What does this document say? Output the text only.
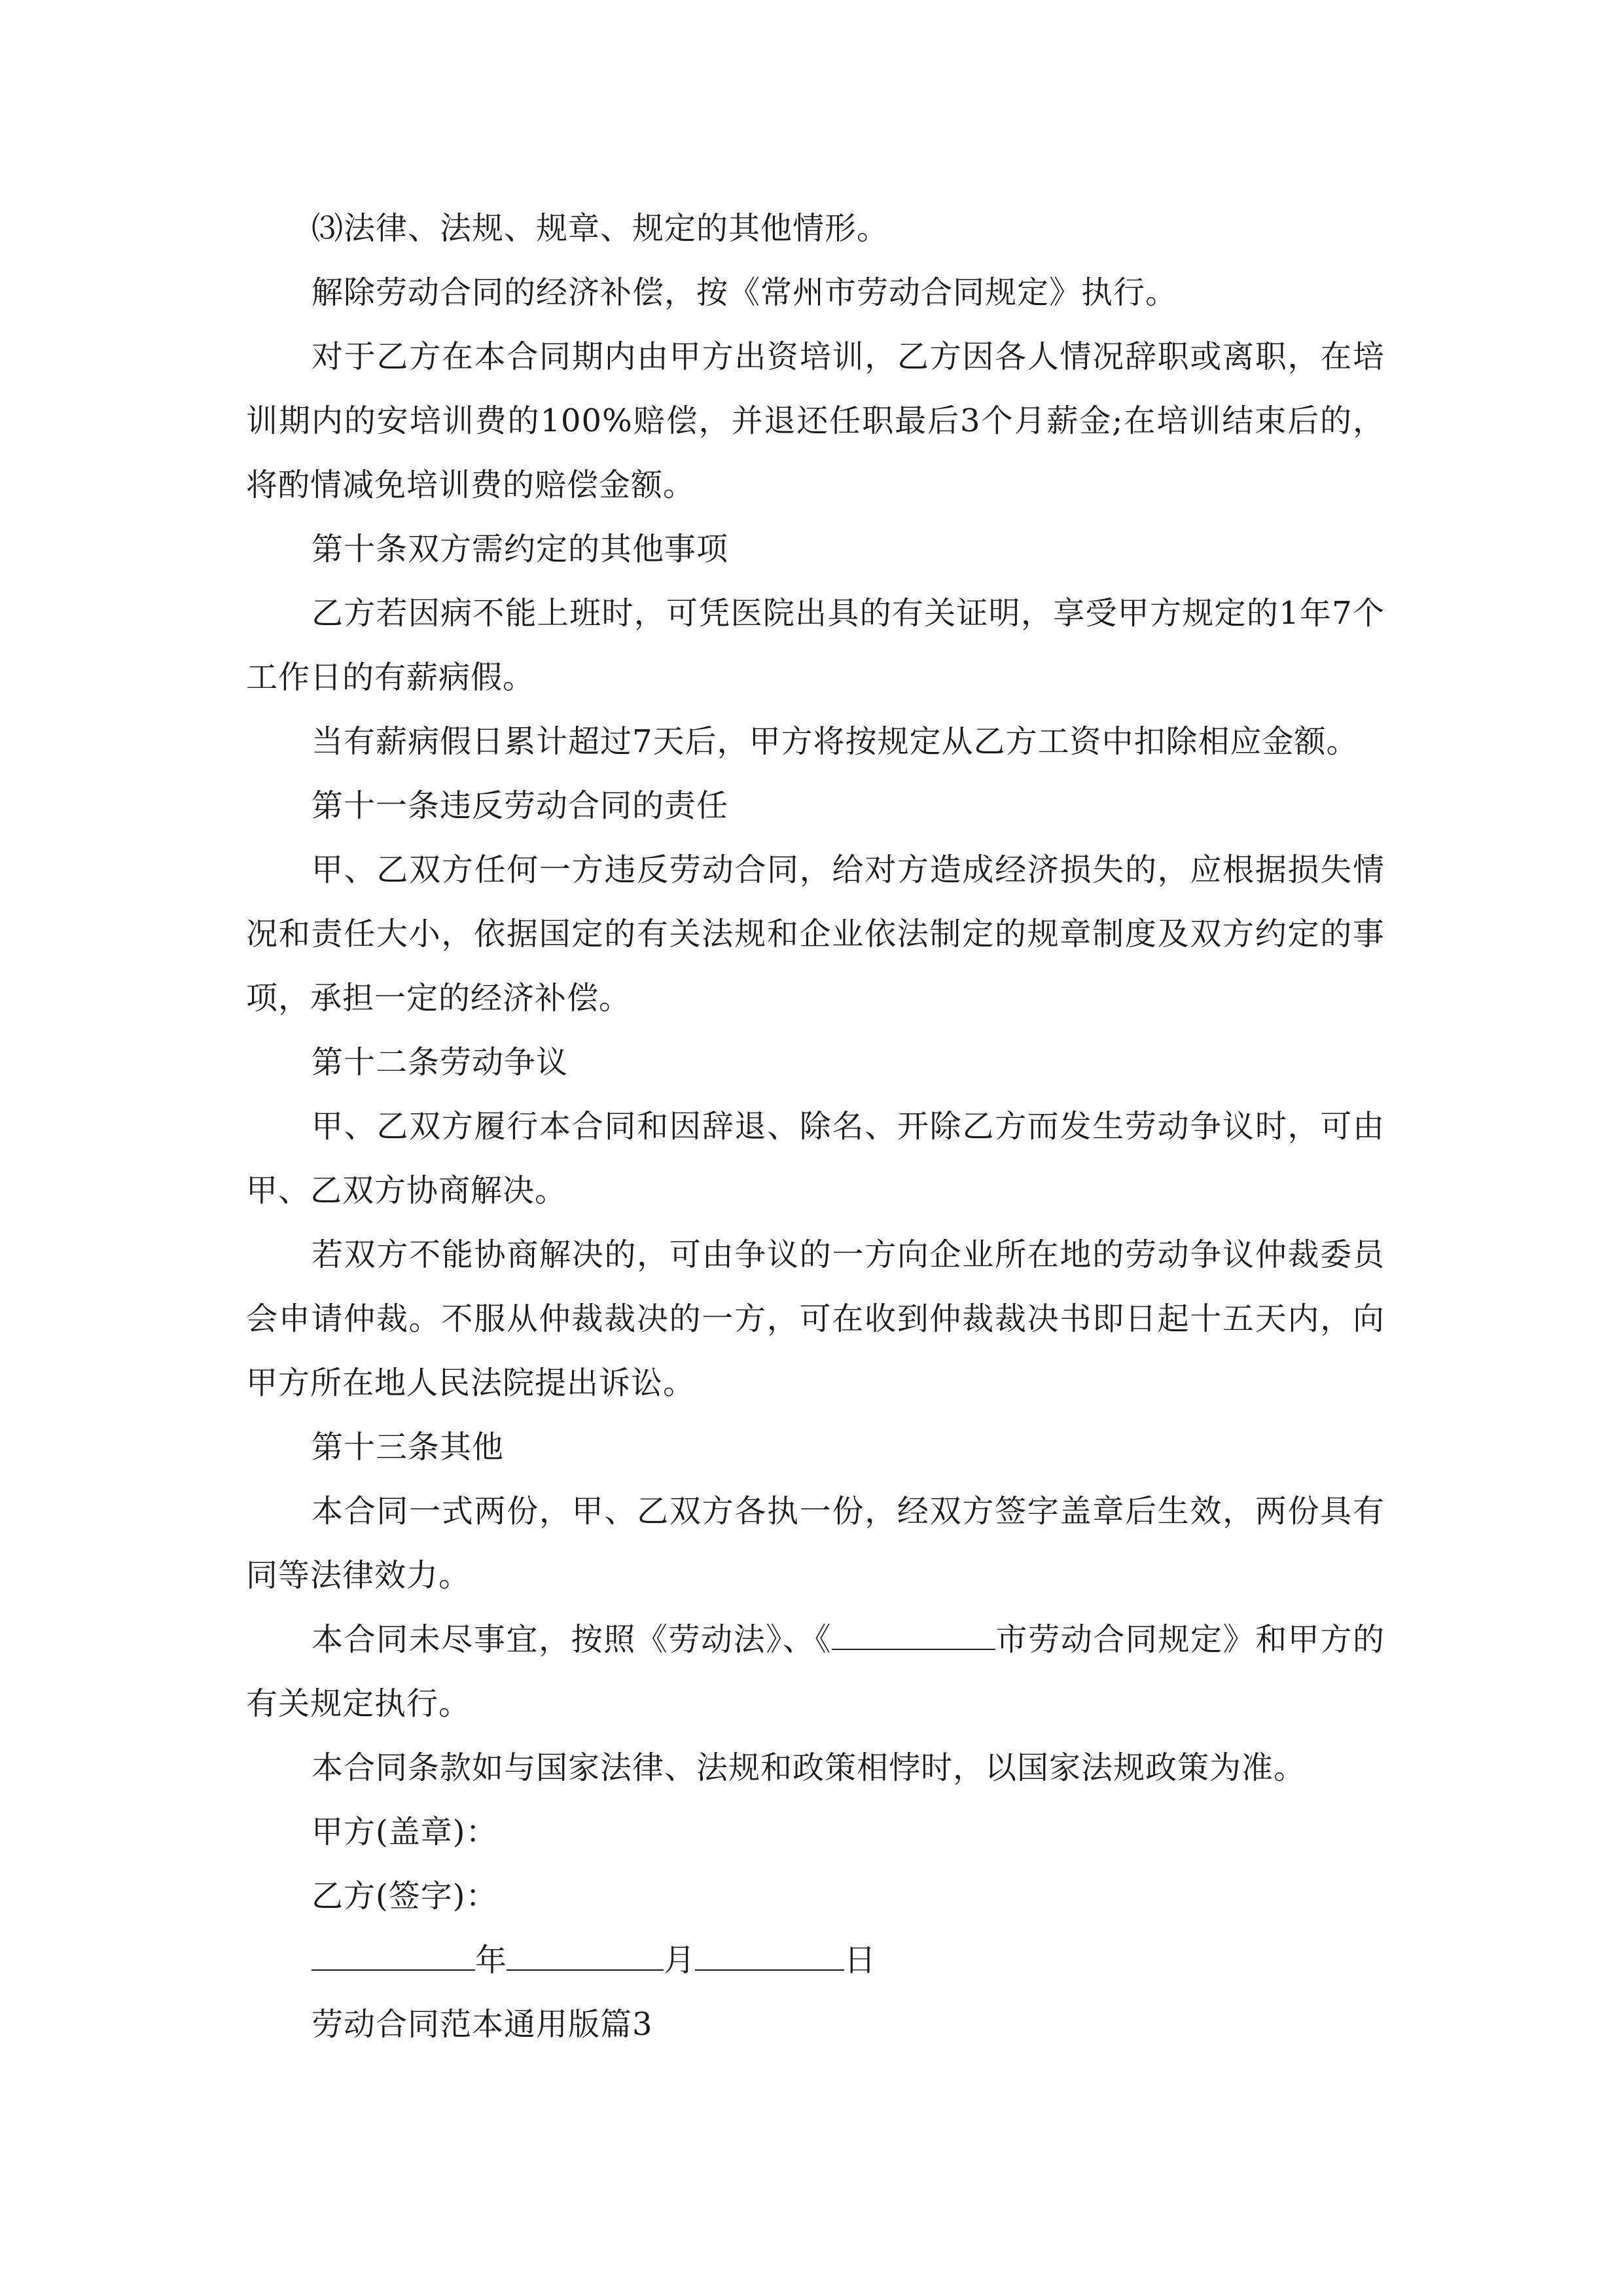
⑶法律、法规、规章、规定的其他情形。

解除劳动合同的经济补偿，按《常州市劳动合同规定》执行。

对于乙方在本合同期内由甲方出资培训，乙方因各人情况辞职或离职，在培训期内的安培训费的100%赔偿，并退还任职最后3个月薪金;在培训结束后的，将酌情减免培训费的赔偿金额。

第十条双方需约定的其他事项

乙方若因病不能上班时，可凭医院出具的有关证明，享受甲方规定的1年7个工作日的有薪病假。

当有薪病假日累计超过7天后，甲方将按规定从乙方工资中扣除相应金额。

第十一条违反劳动合同的责任

甲、乙双方任何一方违反劳动合同，给对方造成经济损失的，应根据损失情况和责任大小，依据国定的有关法规和企业依法制定的规章制度及双方约定的事项，承担一定的经济补偿。

第十二条劳动争议

甲、乙双方履行本合同和因辞退、除名、开除乙方而发生劳动争议时，可由甲、乙双方协商解决。

若双方不能协商解决的，可由争议的一方向企业所在地的劳动争议仲裁委员会申请仲裁。不服从仲裁裁决的一方，可在收到仲裁裁决书即日起十五天内，向甲方所在地人民法院提出诉讼。

第十三条其他

本合同一式两份，甲、乙双方各执一份，经双方签字盖章后生效，两份具有同等法律效力。

本合同未尽事宜，按照《劳动法》、《	市劳动合同规定》和甲方的有关规定执行。

本合同条款如与国家法律、法规和政策相悖时，以国家法规政策为准。

甲方(盖章)：

乙方(签字)：

年	月	日

劳动合同范本通用版篇3
